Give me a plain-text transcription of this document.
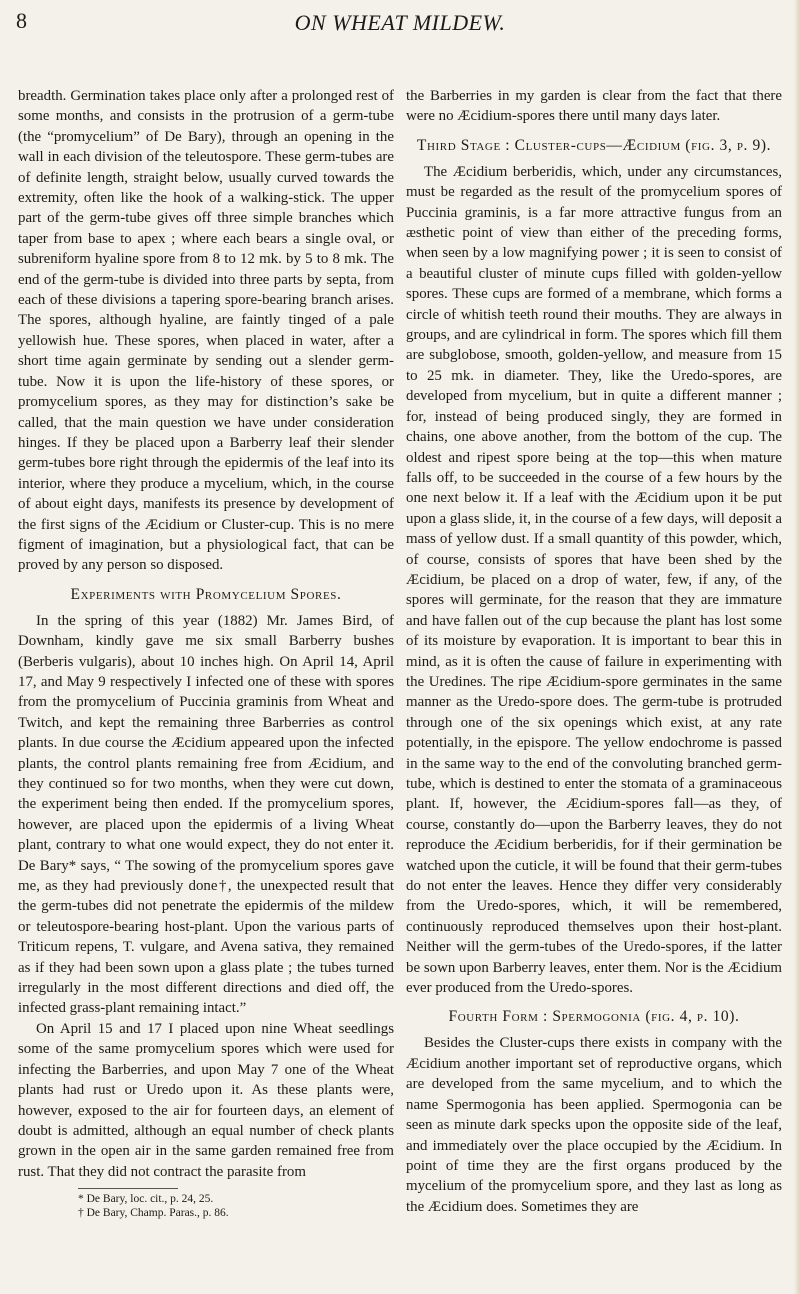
8	ON WHEAT MILDEW.

breadth. Germination takes place only after a prolonged rest of some months, and consists in the protrusion of a germ-tube (the “promycelium” of De Bary), through an opening in the wall in each division of the teleutospore. These germ-tubes are of definite length, straight below, usually curved towards the extremity, often like the hook of a walking-stick. The upper part of the germ-tube gives off three simple branches which taper from base to apex ; where each bears a single oval, or subreniform hyaline spore from 8 to 12 mk. by 5 to 8 mk. The end of the germ-tube is divided into three parts by septa, from each of these divisions a tapering spore-bearing branch arises. The spores, although hyaline, are faintly tinged of a pale yellowish hue. These spores, when placed in water, after a short time again germinate by sending out a slender germ-tube. Now it is upon the life-history of these spores, or promycelium spores, as they may for distinction’s sake be called, that the main question we have under consideration hinges. If they be placed upon a Barberry leaf their slender germ-tubes bore right through the epidermis of the leaf into its interior, where they produce a mycelium, which, in the course of about eight days, manifests its presence by development of the first signs of the Æcidium or Cluster-cup. This is no mere figment of imagination, but a physiological fact, that can be proved by any person so disposed.

Experiments with Promycelium Spores.

In the spring of this year (1882) Mr. James Bird, of Downham, kindly gave me six small Barberry bushes (Berberis vulgaris), about 10 inches high. On April 14, April 17, and May 9 respectively I infected one of these with spores from the promycelium of Puccinia graminis from Wheat and Twitch, and kept the remaining three Barberries as control plants. In due course the Æcidium appeared upon the infected plants, the control plants remaining free from Æcidium, and they continued so for two months, when they were cut down, the experiment being then ended. If the promycelium spores, however, are placed upon the epidermis of a living Wheat plant, contrary to what one would expect, they do not enter it. De Bary* says, “ The sowing of the promycelium spores gave me, as they had previously done†, the unexpected result that the germ-tubes did not penetrate the epidermis of the mildew or teleutospore-bearing host-plant. Upon the various parts of Triticum repens, T. vulgare, and Avena sativa, they remained as if they had been sown upon a glass plate ; the tubes turned irregularly in the most different directions and died off, the infected grass-plant remaining intact.”

On April 15 and 17 I placed upon nine Wheat seedlings some of the same promycelium spores which were used for infecting the Barberries, and upon May 7 one of the Wheat plants had rust or Uredo upon it. As these plants were, however, exposed to the air for fourteen days, an element of doubt is admitted, although an equal number of check plants grown in the open air in the same garden remained free from rust. That they did not contract the parasite from

* De Bary, loc. cit., p. 24, 25.
† De Bary, Champ. Paras., p. 86.

the Barberries in my garden is clear from the fact that there were no Æcidium-spores there until many days later.

Third Stage : Cluster-cups—Æcidium (fig. 3, p. 9).

The Æcidium berberidis, which, under any circumstances, must be regarded as the result of the promycelium spores of Puccinia graminis, is a far more attractive fungus from an æsthetic point of view than either of the preceding forms, when seen by a low magnifying power ; it is seen to consist of a beautiful cluster of minute cups filled with golden-yellow spores. These cups are formed of a membrane, which forms a circle of whitish teeth round their mouths. They are always in groups, and are cylindrical in form. The spores which fill them are subglobose, smooth, golden-yellow, and measure from 15 to 25 mk. in diameter. They, like the Uredo-spores, are developed from mycelium, but in quite a different manner ; for, instead of being produced singly, they are formed in chains, one above another, from the bottom of the cup. The oldest and ripest spore being at the top—this when mature falls off, to be succeeded in the course of a few hours by the one next below it. If a leaf with the Æcidium upon it be put upon a glass slide, it, in the course of a few days, will deposit a mass of yellow dust. If a small quantity of this powder, which, of course, consists of spores that have been shed by the Æcidium, be placed on a drop of water, few, if any, of the spores will germinate, for the reason that they are immature and have fallen out of the cup because the plant has lost some of its moisture by evaporation. It is important to bear this in mind, as it is often the cause of failure in experimenting with the Uredines. The ripe Æcidium-spore germinates in the same manner as the Uredo-spore does. The germ-tube is protruded through one of the six openings which exist, at any rate potentially, in the epispore. The yellow endochrome is passed in the same way to the end of the convoluting branched germ-tube, which is destined to enter the stomata of a graminaceous plant. If, however, the Æcidium-spores fall—as they, of course, constantly do—upon the Barberry leaves, they do not reproduce the Æcidium berberidis, for if their germination be watched upon the cuticle, it will be found that their germ-tubes do not enter the leaves. Hence they differ very considerably from the Uredo-spores, which, it will be remembered, continuously reproduced themselves upon their host-plant. Neither will the germ-tubes of the Uredo-spores, if the latter be sown upon Barberry leaves, enter them. Nor is the Æcidium ever produced from the Uredo-spores.

Fourth Form : Spermogonia (fig. 4, p. 10).

Besides the Cluster-cups there exists in company with the Æcidium another important set of reproductive organs, which are developed from the same mycelium, and to which the name Spermogonia has been applied. Spermogonia can be seen as minute dark specks upon the opposite side of the leaf, and immediately over the place occupied by the Æcidium. In point of time they are the first organs produced by the mycelium of the promycelium spore, and they last as long as the Æcidium does. Sometimes they are
